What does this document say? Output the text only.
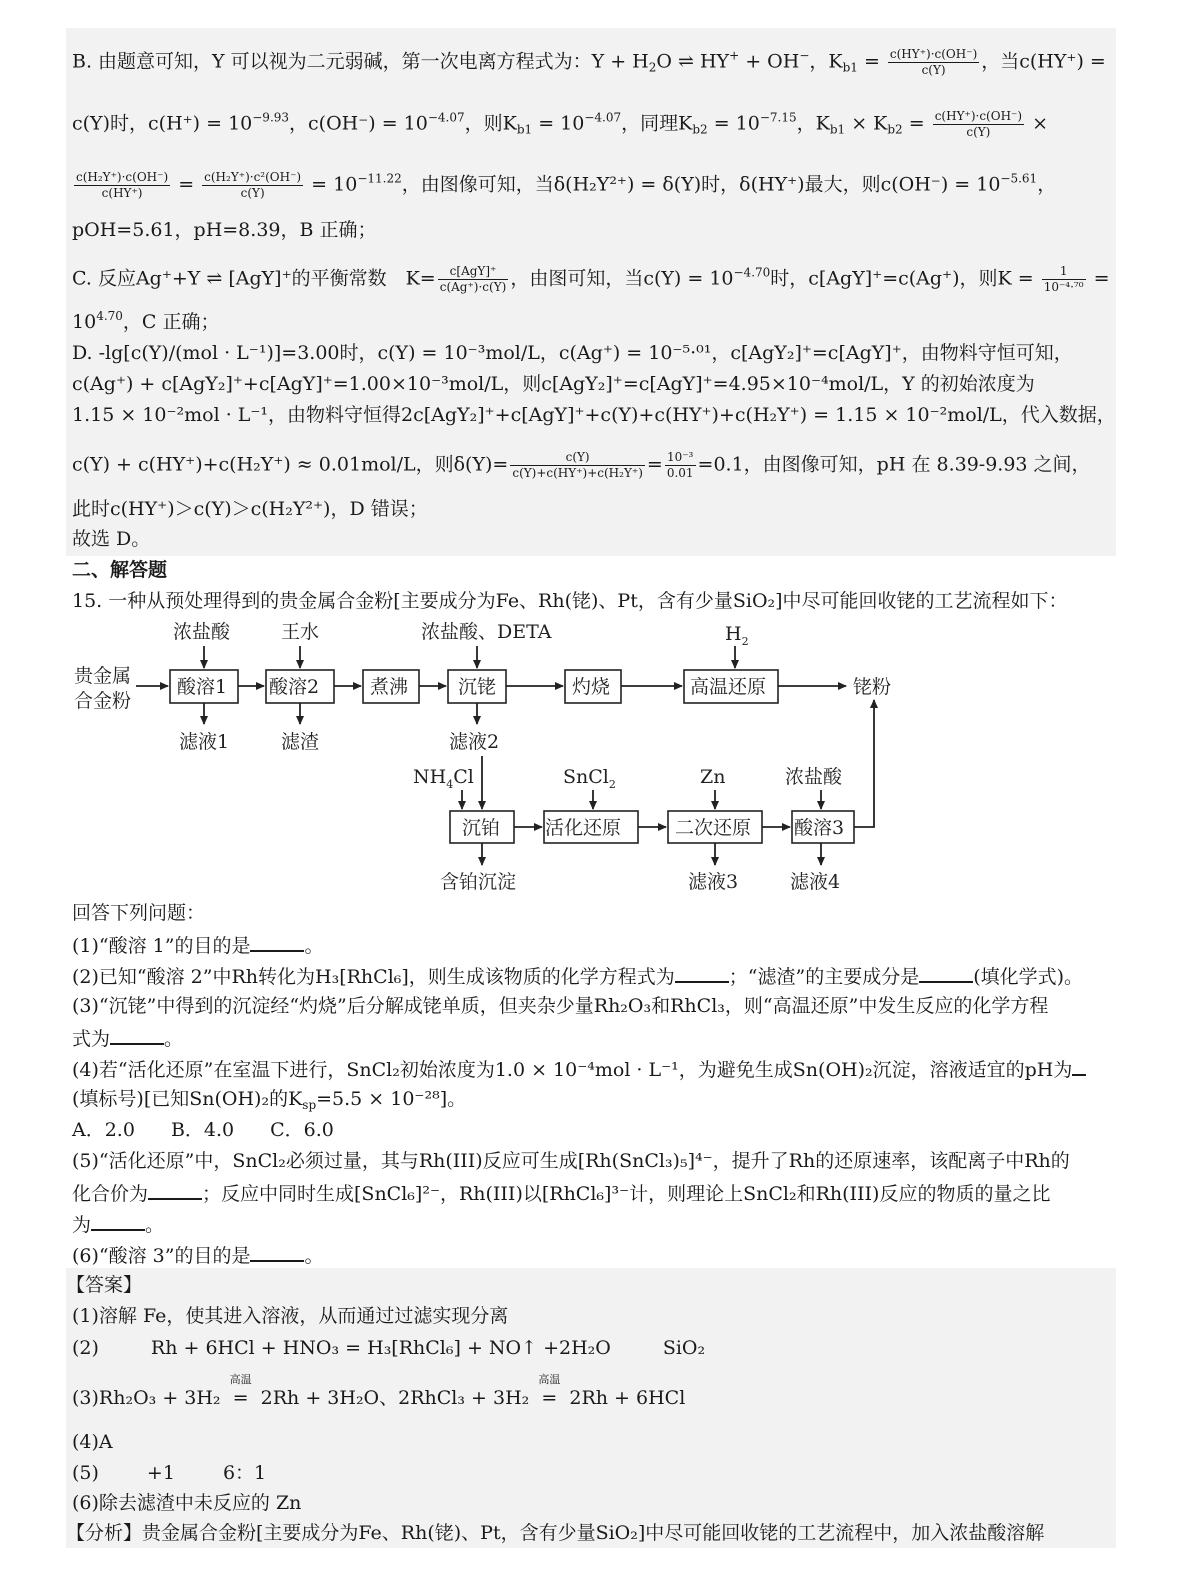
B. 由题意可知，Y 可以视为二元弱碱，第一次电离方程式为：$Y + H_2O$ ⇌ HY+ + OH−，$K_{b1} = \frac{c(HY^+)\cdot c(OH^-)}{c(Y)}$ ，当c(HY⁺) =
c(Y)时，$c(H^+) = 10^{-9.93}$，$c(OH^-) = 10^{-4.07}$，则$K_{b1} = 10^{-4.07}$，同理$K_{b2} = 10^{-7.15}$，$K_{b1} \times K_{b2} = \frac{c(HY^+)\cdot c(OH^-)}{c(Y)}$ ×
$\frac{\text{c(H₂Y⁺)·c(OH⁻)}}{c(HY^+)} = \frac{\text{c(H₂Y⁺)·c²(OH⁻)}}{c(Y)} = 10^{-11.22}$，由图像可知，当δ(H₂Y²⁺) = δ(Y)时，δ(HY⁺)最大，则$c(OH^-) = 10^{-5.61}$，
pOH=5.61，pH=8.39，B 正确；
C. 反应Ag⁺+Y ⇌ [AgY]⁺的平衡常数　$K= \frac{\text{c[AgY]⁺}}{c(Ag^+)\cdot c(Y)}$ ，由图可知，当$c(Y) = 10^{-4.70}$时，c[AgY]⁺=c(Ag⁺)，则$K = \frac{1}{\text{10⁻⁴·⁷⁰}}$ =
$10^{4.70}$，C 正确；
D. -lg[c(Y)/(mol · L⁻¹)]=3.00时，c(Y) = 10⁻³mol/L，c(Ag⁺) = 10⁻⁵·⁰¹，c[AgY₂]⁺=c[AgY]⁺，由物料守恒可知，
c(Ag⁺) + c[AgY₂]⁺+c[AgY]⁺=1.00×10⁻³mol/L，则c[AgY₂]⁺=c[AgY]⁺=4.95×10⁻⁴mol/L，Y 的初始浓度为
1.15 × 10⁻²mol · L⁻¹，由物料守恒得2c[AgY₂]⁺+c[AgY]⁺+c(Y)+c(HY⁺)+c(H₂Y⁺) = 1.15 × 10⁻²mol/L，代入数据，
c(Y) + c(HY⁺)+c(H₂Y⁺) ≈ 0.01mol/L，则$\delta(Y)= \frac{c(Y)}{\text{c(Y)+c(HY⁺)+c(H₂Y⁺)}} = \frac{\text{10⁻³}}{0.01} =0.1$，由图像可知，pH 在 8.39-9.93 之间，
此时c(HY⁺)＞c(Y)＞c(H₂Y²⁺)，D 错误；
故选 D。
二、解答题
15. 一种从预处理得到的贵金属合金粉[主要成分为Fe、Rh(铑)、Pt，含有少量SiO₂]中尽可能回收铑的工艺流程如下：
贵金属
合金粉
酸溶1 酸溶2	煮沸	沉铑	灼烧	高温还原	铑粉
浓盐酸	王水	浓盐酸、DETA	$H_2$
滤液1	滤渣	滤液2
$NH_4Cl$	SnCl$_2$	Zn	浓盐酸
沉铂 活化还原	二次还原 酸溶3
含铂沉淀	滤液3	滤液4
回答下列问题：
(1)“酸溶 1”的目的是	。
(2)已知“酸溶 2”中Rh转化为H₃[RhCl₆]，则生成该物质的化学方程式为	；“滤渣”的主要成分是	(填化学式)。
(3)“沉铑”中得到的沉淀经“灼烧”后分解成铑单质，但夹杂少量Rh₂O₃和RhCl₃，则“高温还原”中发生反应的化学方程
式为	。
(4)若“活化还原”在室温下进行，SnCl₂初始浓度为1.0 × 10⁻⁴mol · L⁻¹，为避免生成Sn(OH)₂沉淀，溶液适宜的pH为
(填标号)[已知Sn(OH)₂的$K_{sp}=5.5 \times 10^{-28}$]。
A．2.0 B．4.0 C．6.0
(5)“活化还原”中，SnCl₂必须过量，其与Rh(III)反应可生成[Rh(SnCl₃)₅]⁴⁻，提升了Rh的还原速率，该配离子中Rh的
化合价为	；反应中同时生成[SnCl₆]²⁻，Rh(III)以[RhCl₆]³⁻计，则理论上SnCl₂和Rh(III)反应的物质的量之比
为	。
(6)“酸溶 3”的目的是	。
【答案】
(1)溶解 Fe，使其进入溶液，从而通过过滤实现分离
(2)	Rh + 6HCl + HNO₃ = H₃[RhCl₆] + NO↑ +2H₂O	SiO₂
(3)Rh₂O₃ + 3H₂
高温
= 2Rh + 3H₂O、2RhCl₃ + 3H₂
高温
= 2Rh + 6HCl
(4)A
(5)	+1	6：1
(6)除去滤渣中未反应的 Zn
【分析】贵金属合金粉[主要成分为Fe、Rh(铑)、Pt，含有少量SiO₂]中尽可能回收铑的工艺流程中，加入浓盐酸溶解
